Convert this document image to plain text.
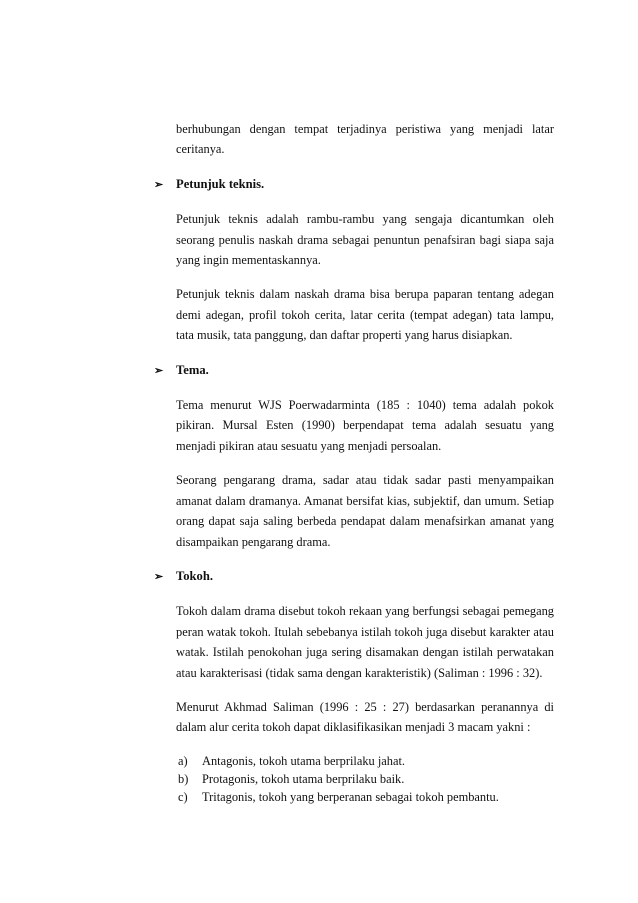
berhubungan dengan tempat terjadinya peristiwa yang menjadi latar ceritanya.

➢	Petunjuk teknis.

Petunjuk teknis adalah rambu-rambu yang sengaja dicantumkan oleh seorang penulis naskah drama sebagai penuntun penafsiran bagi siapa saja yang ingin mementaskannya.

Petunjuk teknis dalam naskah drama bisa berupa paparan tentang adegan demi adegan, profil tokoh cerita, latar cerita (tempat adegan) tata lampu, tata musik, tata panggung, dan daftar properti yang harus disiapkan.

➢	Tema.

Tema menurut WJS Poerwadarminta (185 : 1040) tema adalah pokok pikiran. Mursal Esten (1990) berpendapat tema adalah sesuatu yang menjadi pikiran atau sesuatu yang menjadi persoalan.

Seorang pengarang drama, sadar atau tidak sadar pasti menyampaikan amanat dalam dramanya. Amanat bersifat kias, subjektif, dan umum. Setiap orang dapat saja saling berbeda pendapat dalam menafsirkan amanat yang disampaikan pengarang drama.

➢	Tokoh.

Tokoh dalam drama disebut tokoh rekaan yang berfungsi sebagai pemegang peran watak tokoh. Itulah sebebanya istilah tokoh juga disebut karakter atau watak. Istilah penokohan juga sering disamakan dengan istilah perwatakan atau karakterisasi (tidak sama dengan karakteristik) (Saliman : 1996 : 32).

Menurut Akhmad Saliman (1996 : 25 : 27) berdasarkan peranannya di dalam alur cerita tokoh dapat diklasifikasikan menjadi 3 macam yakni :

a)	Antagonis, tokoh utama berprilaku jahat.
b)	Protagonis, tokoh utama berprilaku baik.
c)	Tritagonis, tokoh yang berperanan sebagai tokoh pembantu.
